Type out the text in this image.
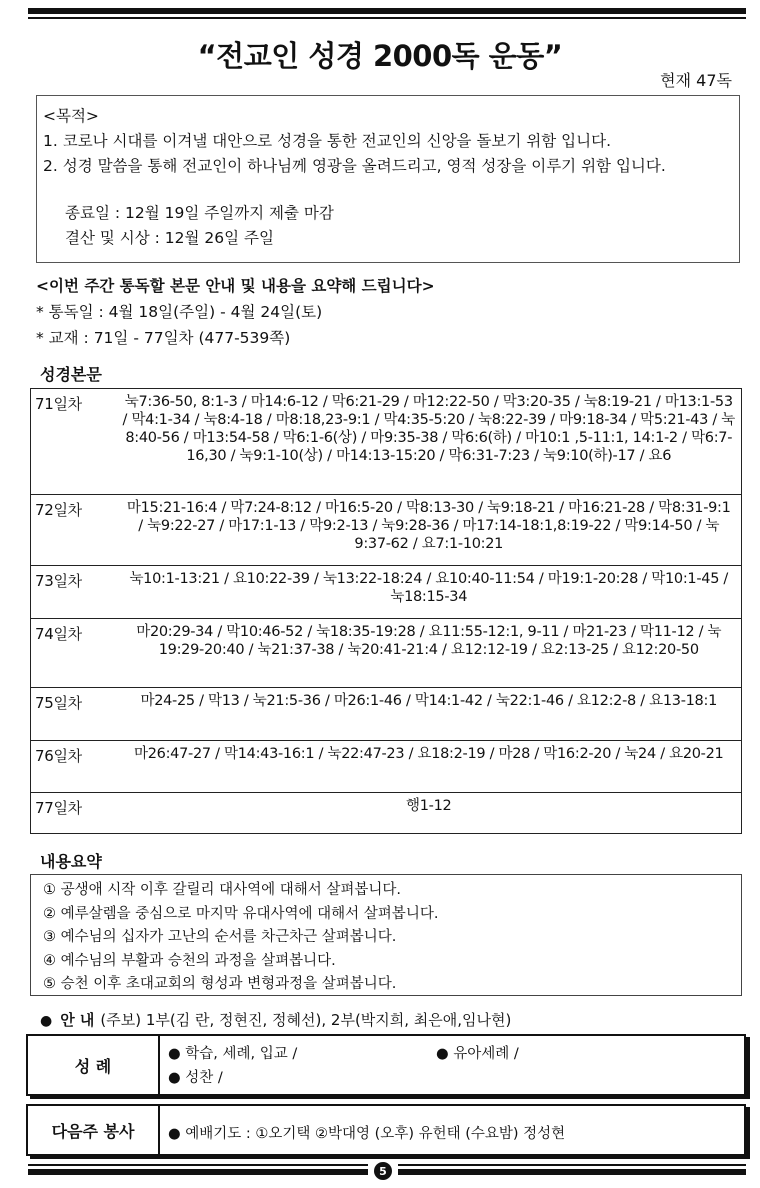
“전교인 성경 2000독 운동”
현재 47독
<목적>
1. 코로나 시대를 이겨낼 대안으로 성경을 통한 전교인의 신앙을 돌보기 위함 입니다.
2. 성경 말씀을 통해 전교인이 하나님께 영광을 올려드리고, 영적 성장을 이루기 위함 입니다.
종료일 : 12월 19일 주일까지 제출 마감
결산 및 시상 : 12월 26일 주일
<이번 주간 통독할 본문 안내 및 내용을 요약해 드립니다>
* 통독일 : 4월 18일(주일) - 4월 24일(토)
* 교재 : 71일 - 77일차 (477-539쪽)
성경본문
71일차	눅7:36-50, 8:1-3 / 마14:6-12 / 막6:21-29 / 마12:22-50 / 막3:20-35 / 눅8:19-21 / 마13:1-53 / 막4:1-34 / 눅8:4-18 / 마8:18,23-9:1 / 막4:35-5:20 / 눅8:22-39 / 마9:18-34 / 막5:21-43 / 눅8:40-56 / 마13:54-58 / 막6:1-6(상) / 마9:35-38 / 막6:6(하) / 마10:1 ,5-11:1, 14:1-2 / 막6:7-16,30 / 눅9:1-10(상) / 마14:13-15:20 / 막6:31-7:23 / 눅9:10(하)-17 / 요6
72일차	마15:21-16:4 / 막7:24-8:12 / 마16:5-20 / 막8:13-30 / 눅9:18-21 / 마16:21-28 / 막8:31-9:1 / 눅9:22-27 / 마17:1-13 / 막9:2-13 / 눅9:28-36 / 마17:14-18:1,8:19-22 / 막9:14-50 / 눅9:37-62 / 요7:1-10:21
73일차	눅10:1-13:21 / 요10:22-39 / 눅13:22-18:24 / 요10:40-11:54 / 마19:1-20:28 / 막10:1-45 / 눅18:15-34
74일차	마20:29-34 / 막10:46-52 / 눅18:35-19:28 / 요11:55-12:1, 9-11 / 마21-23 / 막11-12 / 눅19:29-20:40 / 눅21:37-38 / 눅20:41-21:4 / 요12:12-19 / 요2:13-25 / 요12:20-50
75일차	마24-25 / 막13 / 눅21:5-36 / 마26:1-46 / 막14:1-42 / 눅22:1-46 / 요12:2-8 / 요13-18:1
76일차	마26:47-27 / 막14:43-16:1 / 눅22:47-23 / 요18:2-19 / 마28 / 막16:2-20 / 눅24 / 요20-21
77일차	행1-12
내용요약
① 공생애 시작 이후 갈릴리 대사역에 대해서 살펴봅니다.
② 예루살렘을 중심으로 마지막 유대사역에 대해서 살펴봅니다.
③ 예수님의 십자가 고난의 순서를 차근차근 살펴봅니다.
④ 예수님의 부활과 승천의 과정을 살펴봅니다.
⑤ 승천 이후 초대교회의 형성과 변형과정을 살펴봅니다.
● 안 내 (주보) 1부(김 란, 정현진, 정혜선), 2부(박지희, 최은애,임나현)
성 례
● 학습, 세례, 입교 /	● 유아세례 /
● 성찬 /
다음주 봉사	● 예배기도 : ①오기택 ②박대영 (오후) 유헌태 (수요밤) 정성현
5
